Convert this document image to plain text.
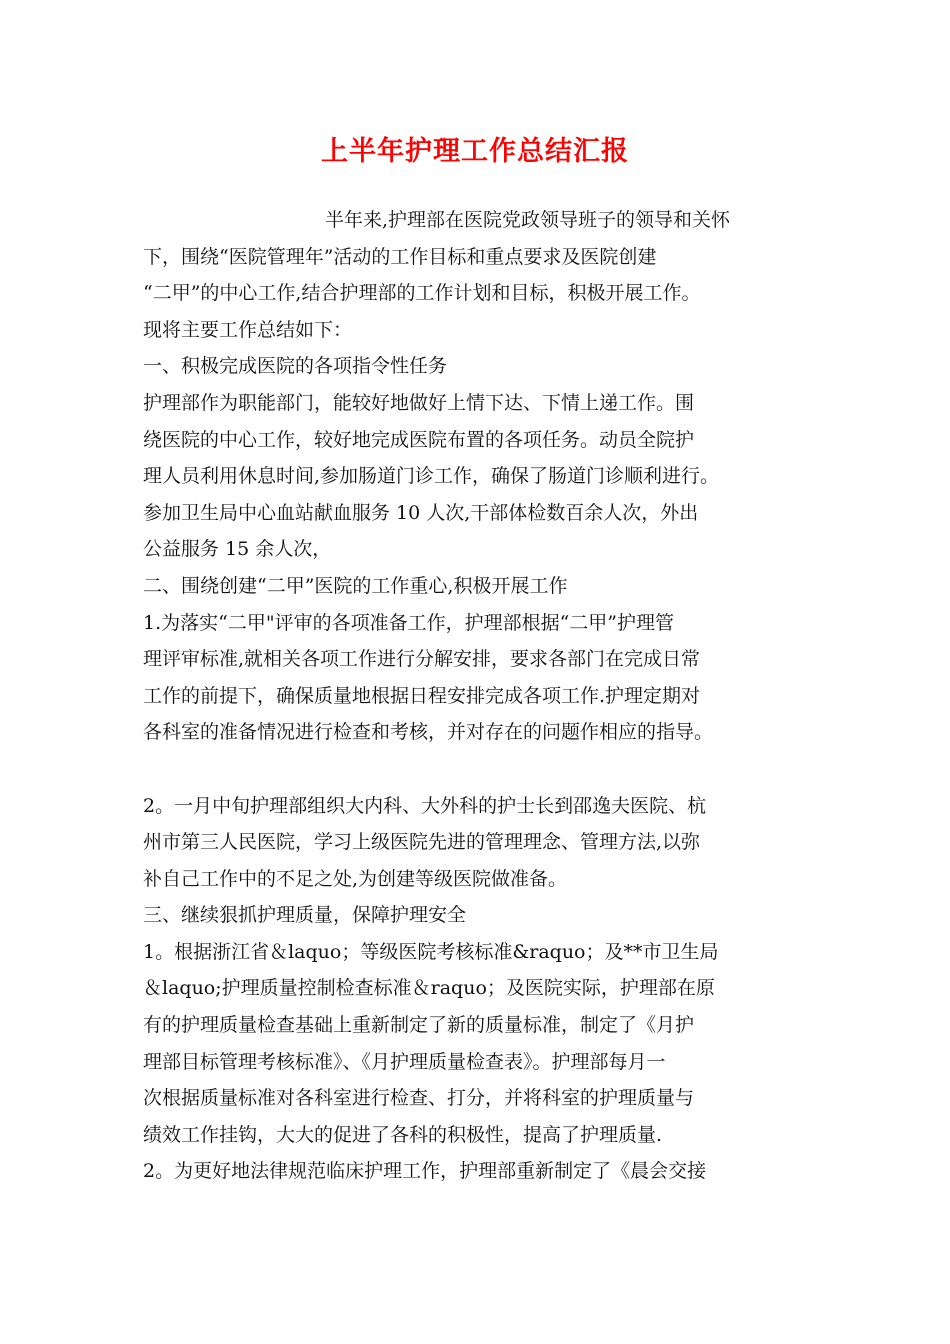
上半年护理工作总结汇报
半年来,护理部在医院党政领导班子的领导和关怀
下，围绕“医院管理年”活动的工作目标和重点要求及医院创建
“二甲”的中心工作,结合护理部的工作计划和目标，积极开展工作。
现将主要工作总结如下：
一、积极完成医院的各项指令性任务
护理部作为职能部门，能较好地做好上情下达、下情上递工作。围
绕医院的中心工作，较好地完成医院布置的各项任务。动员全院护
理人员利用休息时间,参加肠道门诊工作，确保了肠道门诊顺利进行。
参加卫生局中心血站献血服务 10 人次,干部体检数百余人次，外出
公益服务 15 余人次，
二、围绕创建“二甲”医院的工作重心,积极开展工作
1.为落实“二甲"评审的各项准备工作，护理部根据“二甲”护理管
理评审标准,就相关各项工作进行分解安排，要求各部门在完成日常
工作的前提下，确保质量地根据日程安排完成各项工作.护理定期对
各科室的准备情况进行检查和考核，并对存在的问题作相应的指导。
2。一月中旬护理部组织大内科、大外科的护士长到邵逸夫医院、杭
州市第三人民医院，学习上级医院先进的管理理念、管理方法,以弥
补自己工作中的不足之处,为创建等级医院做准备。
三、继续狠抓护理质量，保障护理安全
1。根据浙江省＆laquo；等级医院考核标准&raquo；及**市卫生局
＆laquo;护理质量控制检查标准＆raquo；及医院实际，护理部在原
有的护理质量检查基础上重新制定了新的质量标准，制定了《月护
理部目标管理考核标准》、《月护理质量检查表》。护理部每月一
次根据质量标准对各科室进行检查、打分，并将科室的护理质量与
绩效工作挂钩，大大的促进了各科的积极性，提高了护理质量.
2。为更好地法律规范临床护理工作，护理部重新制定了《晨会交接
